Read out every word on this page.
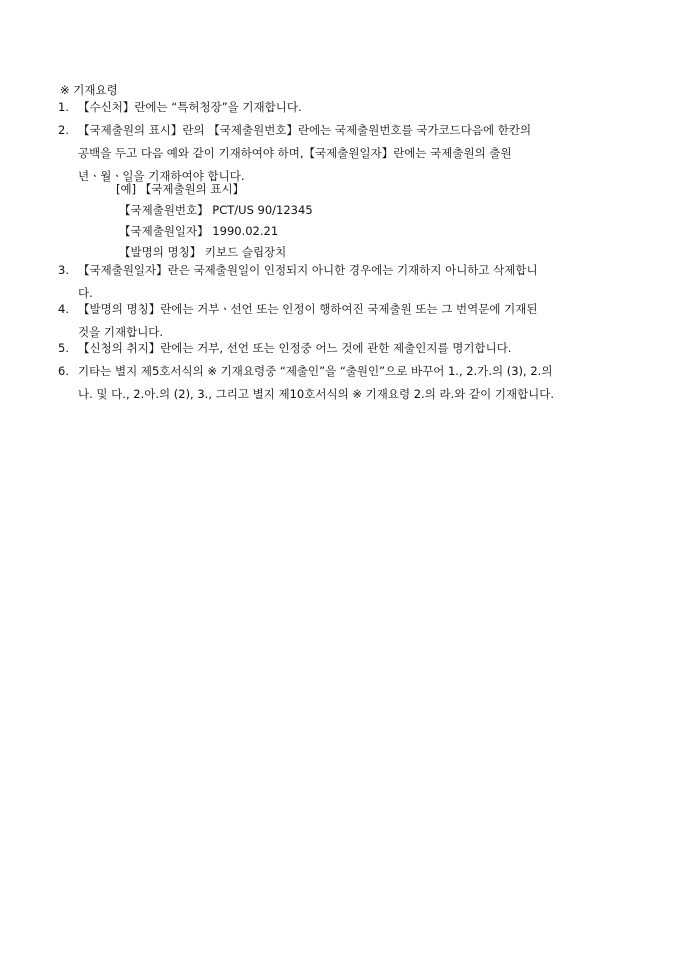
※ 기재요령
1. 【수신처】란에는 “특허청장”을 기재합니다.
2. 【국제출원의 표시】란의 【국제출원번호】란에는 국제출원번호를 국가코드다음에 한칸의
공백을 두고 다음 예와 같이 기재하여야 하며,【국제출원일자】란에는 국제출원의 출원
년ㆍ월ㆍ일을 기재하여야 합니다.
[예] 【국제출원의 표시】
【국제출원번호】 PCT/US 90/12345
【국제출원일자】 1990.02.21
【발명의 명칭】 키보드 슬립장치
3. 【국제출원일자】란은 국제출원일이 인정되지 아니한 경우에는 기재하지 아니하고 삭제합니
다.
4. 【발명의 명칭】란에는 거부ㆍ선언 또는 인정이 행하여진 국제출원 또는 그 번역문에 기재된
것을 기재합니다.
5. 【신청의 취지】란에는 거부, 선언 또는 인정중 어느 것에 관한 제출인지를 명기합니다.
6. 기타는 별지 제5호서식의 ※ 기재요령중 “제출인”을 “출원인”으로 바꾸어 1., 2.가.의 (3), 2.의
나. 및 다., 2.아.의 (2), 3., 그리고 별지 제10호서식의 ※ 기재요령 2.의 라.와 같이 기재합니다.
